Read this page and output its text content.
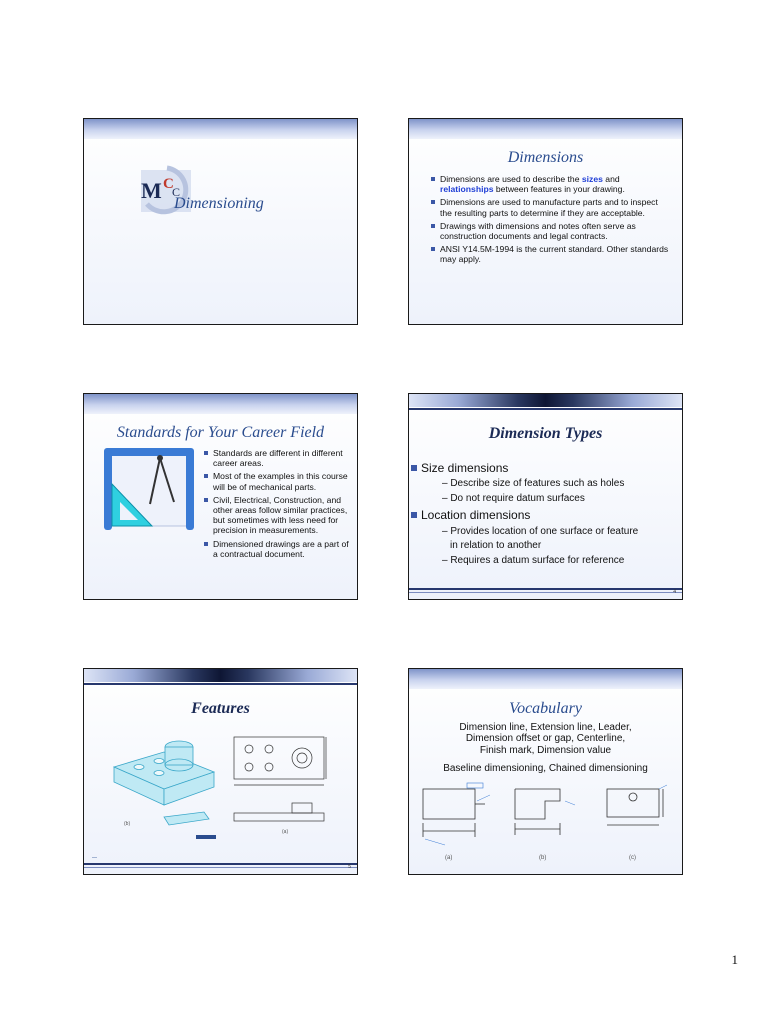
M C
C
Dimensioning
Dimensions
Dimensions are used to describe the sizes and relationships between features in your drawing.
Dimensions are used to manufacture parts and to inspect the resulting parts to determine if they are acceptable.
Drawings with dimensions and notes often serve as construction documents and legal contracts.
ANSI Y14.5M-1994 is the current standard. Other standards may apply.
Standards for Your Career Field
Standards are different in different career areas.
Most of the examples in this course will be of mechanical parts.
Civil, Electrical, Construction, and other areas follow similar practices, but sometimes with less need for precision in measurements.
Dimensioned drawings are a part of a contractual document.
Dimension Types
Size dimensions
– Describe size of features such as holes
– Do not require datum surfaces
Location dimensions
– Provides location of one surface or feature
in relation to another
– Requires a datum surface for reference
4
Features
(b)
(a)
—
5
Vocabulary
Dimension line, Extension line, Leader,
Dimension offset or gap, Centerline,
Finish mark, Dimension value
Baseline dimensioning, Chained dimensioning
(a)	(b)	(c)
1
